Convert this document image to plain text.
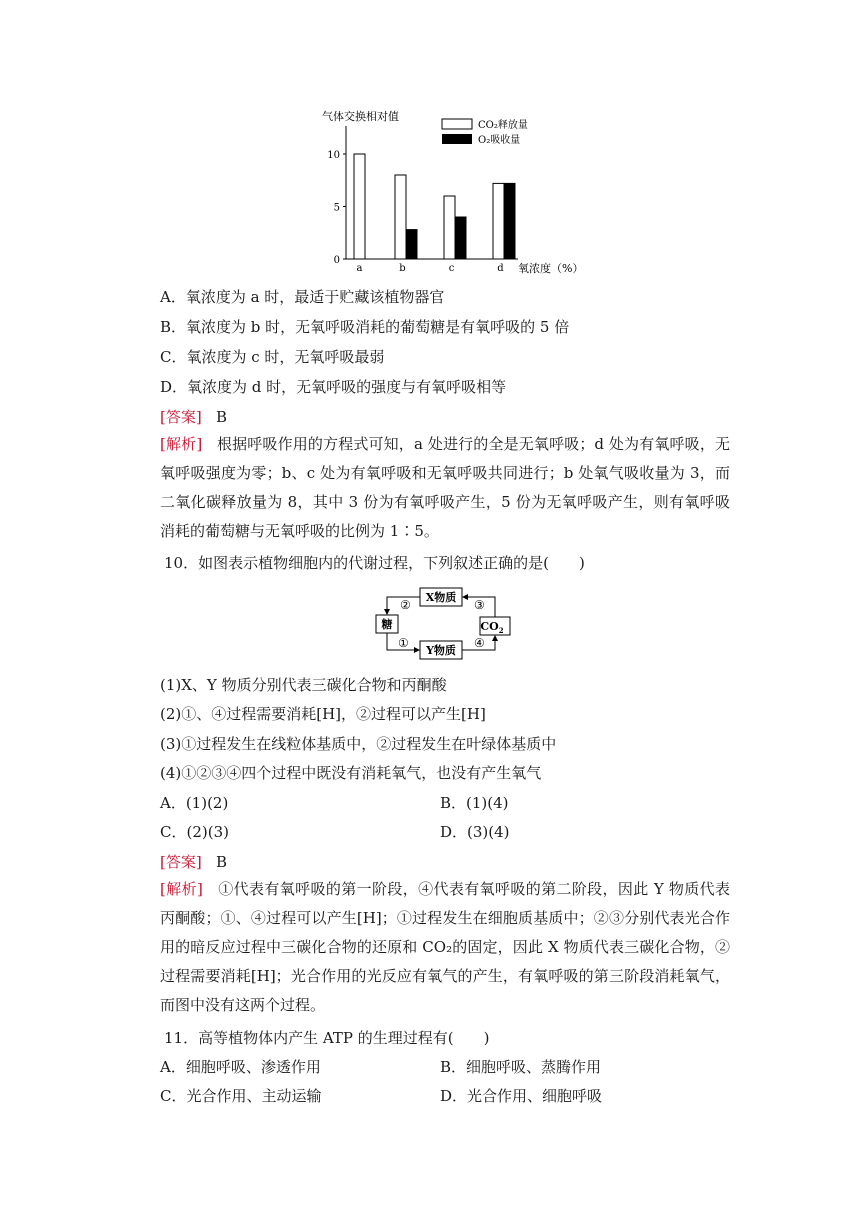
气体交换相对值
0
5
10
a	b	c	d
CO₂释放量
O₂吸收量
氧浓度（%）
A．氧浓度为 a 时，最适于贮藏该植物器官
B．氧浓度为 b 时，无氧呼吸消耗的葡萄糖是有氧呼吸的 5 倍
C．氧浓度为 c 时，无氧呼吸最弱
D．氧浓度为 d 时，无氧呼吸的强度与有氧呼吸相等
[答案] B
[解析] 根据呼吸作用的方程式可知，a 处进行的全是无氧呼吸；d 处为有氧呼吸，无氧呼吸强度为零；b、c 处为有氧呼吸和无氧呼吸共同进行；b 处氧气吸收量为 3，而二氧化碳释放量为 8，其中 3 份为有氧呼吸产生，5 份为无氧呼吸产生，则有氧呼吸消耗的葡萄糖与无氧呼吸的比例为 1∶5。
10．如图表示植物细胞内的代谢过程，下列叙述正确的是(　　)
X物质
糖	$CO_2$
Y物质
②	③
①	④
(1)X、Y 物质分别代表三碳化合物和丙酮酸
(2)①、④过程需要消耗[H]，②过程可以产生[H]
(3)①过程发生在线粒体基质中，②过程发生在叶绿体基质中
(4)①②③④四个过程中既没有消耗氧气，也没有产生氧气
A．(1)(2)	B．(1)(4)
C．(2)(3)	D．(3)(4)
[答案] B
[解析] ①代表有氧呼吸的第一阶段，④代表有氧呼吸的第二阶段，因此 Y 物质代表丙酮酸；①、④过程可以产生[H]；①过程发生在细胞质基质中；②③分别代表光合作用的暗反应过程中三碳化合物的还原和 CO₂的固定，因此 X 物质代表三碳化合物，②过程需要消耗[H]；光合作用的光反应有氧气的产生，有氧呼吸的第三阶段消耗氧气，而图中没有这两个过程。
11．高等植物体内产生 ATP 的生理过程有(　　)
A．细胞呼吸、渗透作用	B．细胞呼吸、蒸腾作用
C．光合作用、主动运输	D．光合作用、细胞呼吸
